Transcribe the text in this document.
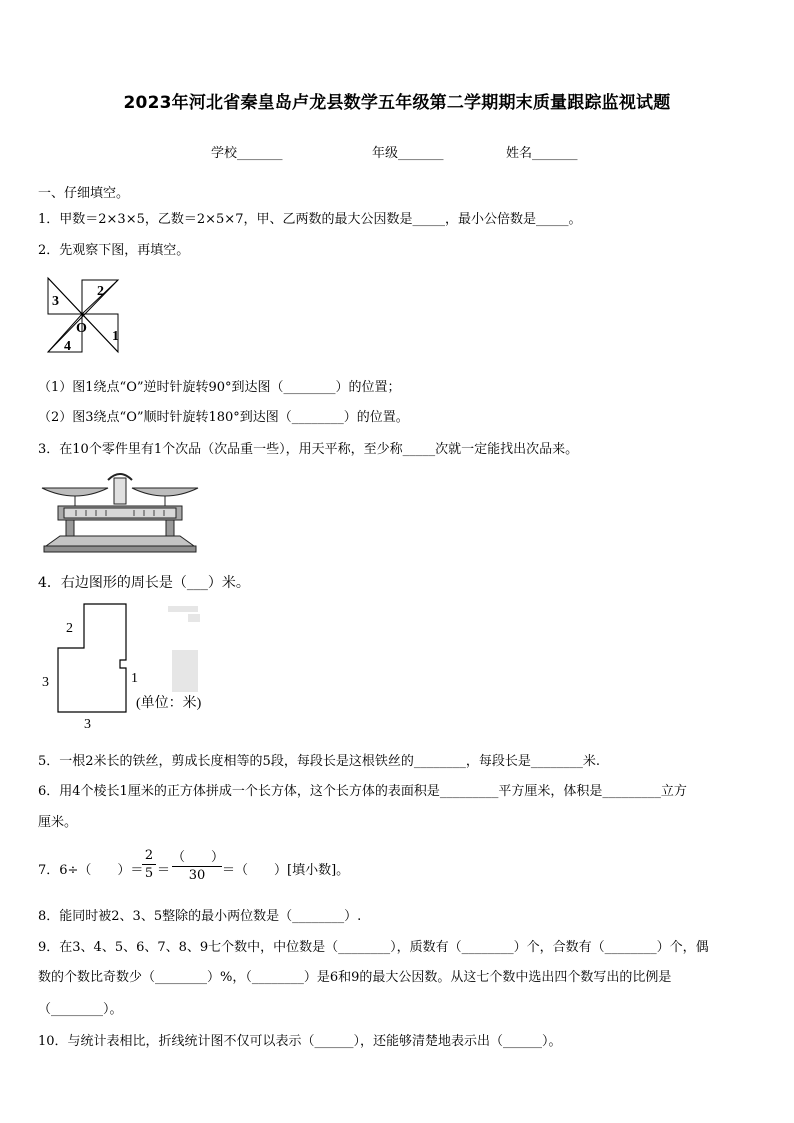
2023年河北省秦皇岛卢龙县数学五年级第二学期期末质量跟踪监视试题
学校_______	年级_______	姓名_______
一、仔细填空。
1．甲数＝2×3×5，乙数＝2×5×7，甲、乙两数的最大公因数是_____，最小公倍数是_____。
2．先观察下图，再填空。
3
2
O
4
1
（1）图1绕点“O”逆时针旋转90°到达图（________）的位置；
（2）图3绕点“O”顺时针旋转180°到达图（________）的位置。
3．在10个零件里有1个次品（次品重一些），用天平称，至少称_____次就一定能找出次品来。
4．右边图形的周长是（___）米。
2
3	1
3
(单位：米)
5．一根2米长的铁丝，剪成长度相等的5段，每段长是这根铁丝的________，每段长是________米.
6．用4个棱长1厘米的正方体拼成一个长方体，这个长方体的表面积是_________平方厘米，体积是_________立方
厘米。
7．6÷（　　）＝
2
5 ＝
（　　）
30	＝（　　）[填小数]。
8．能同时被2、3、5整除的最小两位数是（________）.
9．在3、4、5、6、7、8、9七个数中，中位数是（________），质数有（________）个，合数有（________）个，偶
数的个数比奇数少（________）%，（________）是6和9的最大公因数。从这七个数中选出四个数写出的比例是
（________）。
10．与统计表相比，折线统计图不仅可以表示（______），还能够清楚地表示出（______）。
